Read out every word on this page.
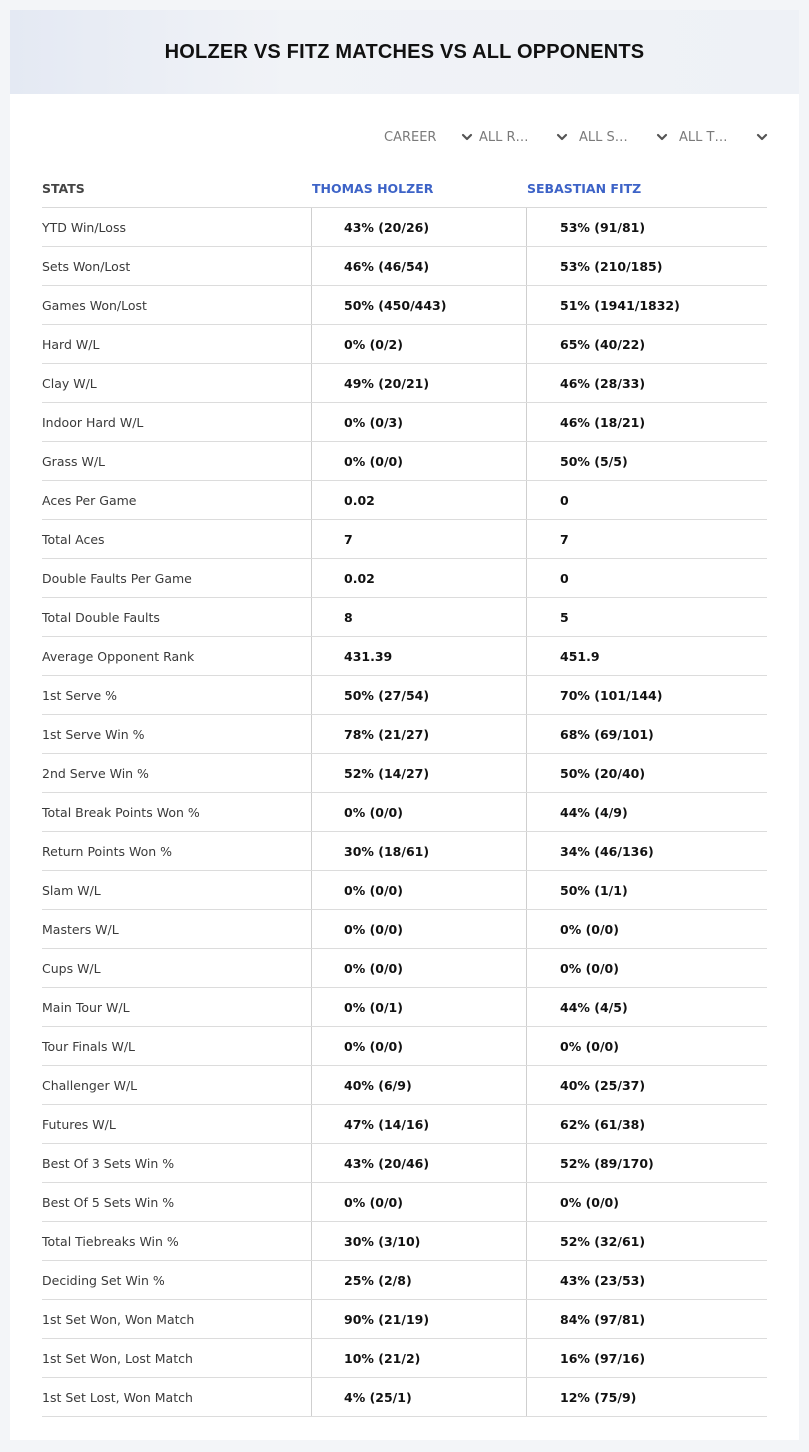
HOLZER VS FITZ MATCHES VS ALL OPPONENTS
CAREER	ALL R…	ALL S…	ALL T…
STATS	THOMAS HOLZER	SEBASTIAN FITZ
YTD Win/Loss	43% (20/26)	53% (91/81)
Sets Won/Lost	46% (46/54)	53% (210/185)
Games Won/Lost	50% (450/443)	51% (1941/1832)
Hard W/L	0% (0/2)	65% (40/22)
Clay W/L	49% (20/21)	46% (28/33)
Indoor Hard W/L	0% (0/3)	46% (18/21)
Grass W/L	0% (0/0)	50% (5/5)
Aces Per Game	0.02	0
Total Aces	7	7
Double Faults Per Game	0.02	0
Total Double Faults	8	5
Average Opponent Rank	431.39	451.9
1st Serve %	50% (27/54)	70% (101/144)
1st Serve Win %	78% (21/27)	68% (69/101)
2nd Serve Win %	52% (14/27)	50% (20/40)
Total Break Points Won %	0% (0/0)	44% (4/9)
Return Points Won %	30% (18/61)	34% (46/136)
Slam W/L	0% (0/0)	50% (1/1)
Masters W/L	0% (0/0)	0% (0/0)
Cups W/L	0% (0/0)	0% (0/0)
Main Tour W/L	0% (0/1)	44% (4/5)
Tour Finals W/L	0% (0/0)	0% (0/0)
Challenger W/L	40% (6/9)	40% (25/37)
Futures W/L	47% (14/16)	62% (61/38)
Best Of 3 Sets Win %	43% (20/46)	52% (89/170)
Best Of 5 Sets Win %	0% (0/0)	0% (0/0)
Total Tiebreaks Win %	30% (3/10)	52% (32/61)
Deciding Set Win %	25% (2/8)	43% (23/53)
1st Set Won, Won Match	90% (21/19)	84% (97/81)
1st Set Won, Lost Match	10% (21/2)	16% (97/16)
1st Set Lost, Won Match	4% (25/1)	12% (75/9)
